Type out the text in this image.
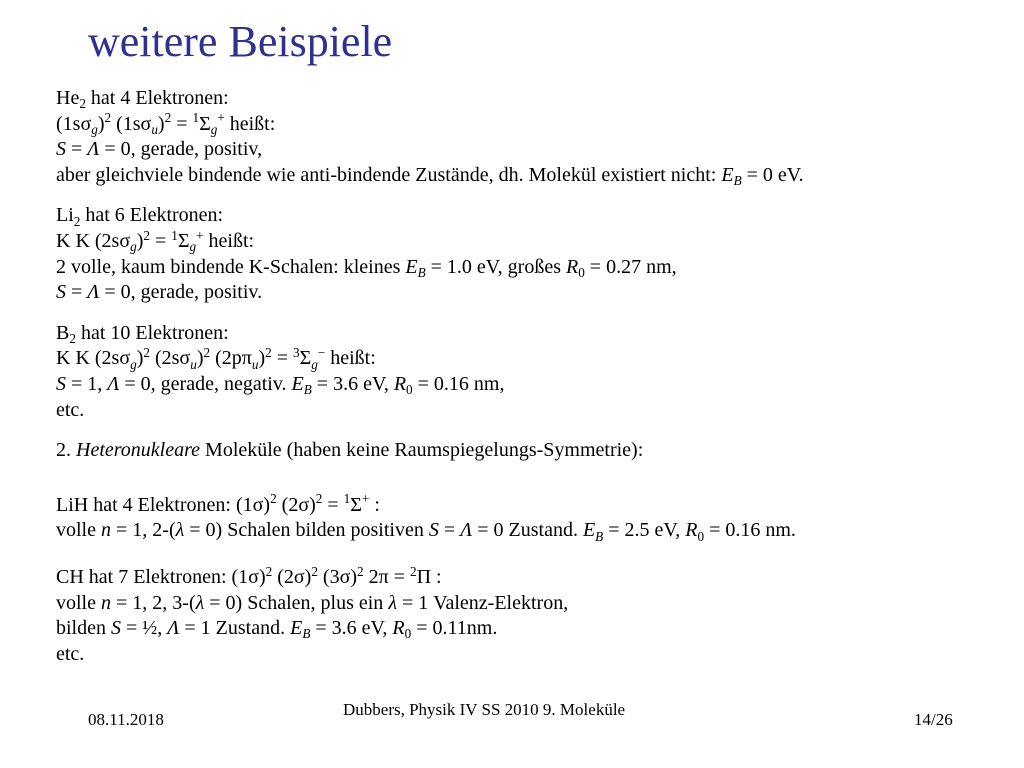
weitere Beispiele
$He_2$ hat 4 Elektronen:
$(1s\sigma_g)^2$ $(1s\sigma_u)^2 = ^1\Sigma_g^+$ heißt:
S = Λ = 0, gerade, positiv,
aber gleichviele bindende wie anti-bindende Zustände, dh. Molekül existiert nicht: $E_B = 0$ eV.
$Li_2$ hat 6 Elektronen:
K K $(2s\sigma_g)^2 = ^1\Sigma_g^+$ heißt:
2 volle, kaum bindende K-Schalen: kleines $E_B = 1.0$ eV, großes $R_0 = 0.27$ nm,
S = Λ = 0, gerade, positiv.
$B_2$ hat 10 Elektronen:
K K $(2s\sigma_g)^2$ $(2s\sigma_u)^2$ $(2p\pi_u)^2 = ^3\Sigma_g^-$ heißt:
S = 1, Λ = 0, gerade, negativ. $E_B = 3.6$ eV, $R_0 = 0.16$ nm,
etc.
2. Heteronukleare Moleküle (haben keine Raumspiegelungs-Symmetrie):
LiH hat 4 Elektronen: $(1\sigma)^2$ $(2\sigma)^2 = ^1\Sigma^+$ :
volle n = 1, 2-(λ = 0) Schalen bilden positiven S = Λ = 0 Zustand. $E_B = 2.5$ eV, $R_0 = 0.16$ nm.
CH hat 7 Elektronen: $(1\sigma)^2$ $(2\sigma)^2$ $(3\sigma)^2$ 2π = $^2$Π :
volle n = 1, 2, 3-(λ = 0) Schalen, plus ein λ = 1 Valenz-Elektron,
bilden S = ½, Λ = 1 Zustand. $E_B = 3.6$ eV, $R_0 = 0.11nm$.
etc.
08.11.2018
Dubbers, Physik IV SS 2010 9. Moleküle
14/26
